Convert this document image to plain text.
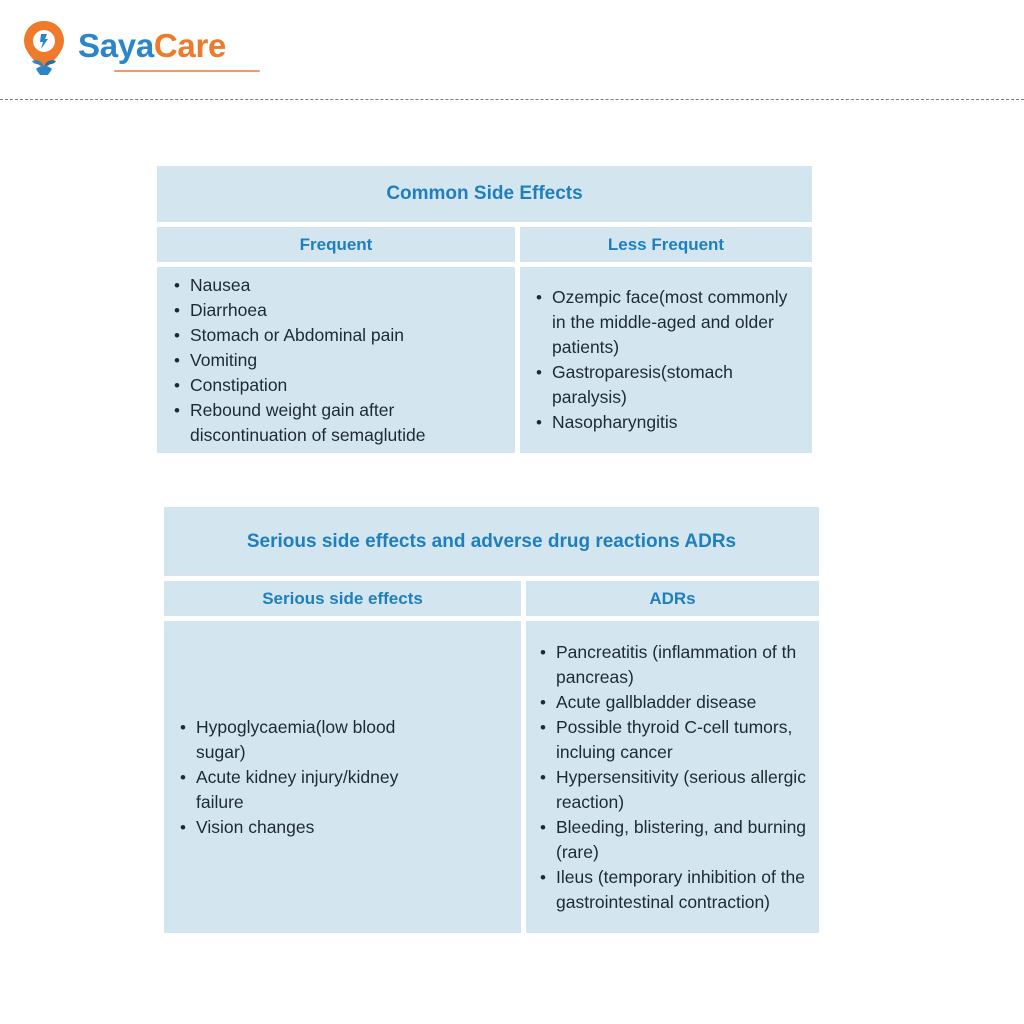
SayaCare
Common Side Effects
Frequent	Less Frequent
• Nausea
• Diarrhoea
• Stomach or Abdominal pain
• Vomiting
• Constipation
• Rebound weight gain after discontinuation of semaglutide
• Ozempic face(most commonly in the middle-aged and older patients)
• Gastroparesis(stomach paralysis)
• Nasopharyngitis
Serious side effects and adverse drug reactions ADRs
Serious side effects	ADRs
• Hypoglycaemia(low blood sugar)
• Acute kidney injury/kidney failure
• Vision changes
• Pancreatitis (inflammation of th pancreas)
• Acute gallbladder disease
• Possible thyroid C-cell tumors, incluing cancer
• Hypersensitivity (serious allergic reaction)
• Bleeding, blistering, and burning (rare)
• Ileus (temporary inhibition of the gastrointestinal contraction)
